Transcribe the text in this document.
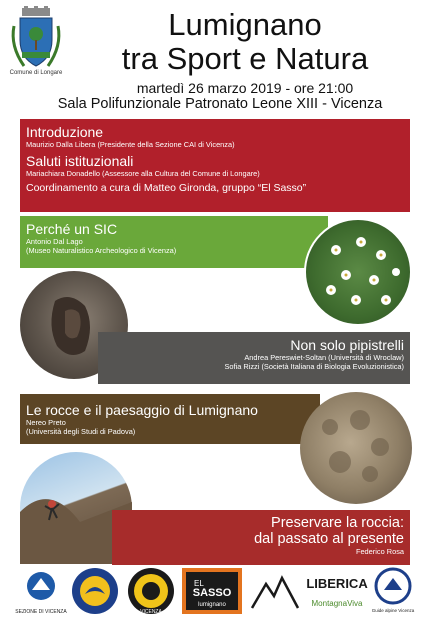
Comune di Longare
Lumignano
tra Sport e Natura
martedì 26 marzo 2019 - ore 21:00
Sala Polifunzionale Patronato Leone XIII - Vicenza
Introduzione
Maurizio Dalla Libera (Presidente della Sezione CAI di Vicenza)
Saluti istituzionali
Mariachiara Donadello (Assessore alla Cultura del Comune di Longare)
Coordinamento a cura di Matteo Gironda, gruppo “El Sasso”
Perché un SIC
Antonio Dal Lago
(Museo Naturalistico Archeologico di Vicenza)
Non solo pipistrelli
Andrea Pereswiet-Soltan (Università di Wroclaw)
Sofia Rizzi (Società Italiana di Biologia Evoluzionistica)
Le rocce e il paesaggio di Lumignano
Nereo Preto
(Università degli Studi di Padova)
Preservare la roccia:
dal passato al presente
Federico Rosa
SEZIONE DI VICENZA	VICENZA
EL
SASSO
lumignano
LIBERICA
MontagnaViva
Guide alpine Vicenza
